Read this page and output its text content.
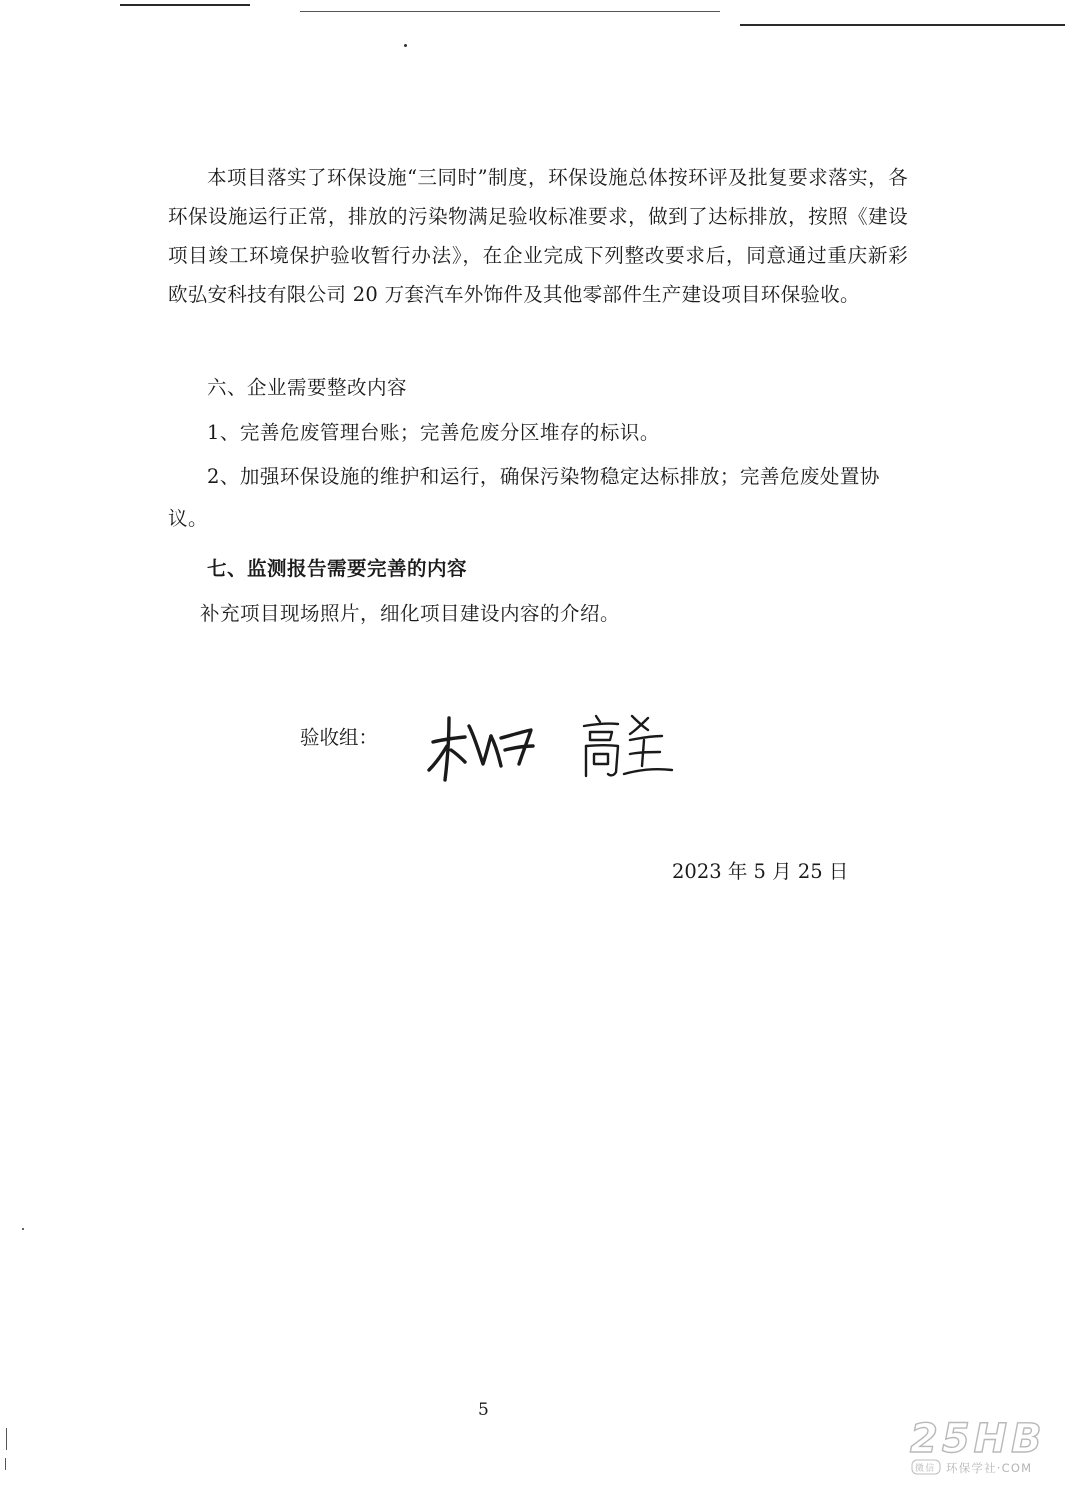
本项目落实了环保设施“三同时”制度，环保设施总体按环评及批复要求落实，各环保设施运行正常，排放的污染物满足验收标准要求，做到了达标排放，按照《建设项目竣工环境保护验收暂行办法》，在企业完成下列整改要求后，同意通过重庆新彩欧弘安科技有限公司 20 万套汽车外饰件及其他零部件生产建设项目环保验收。

六、企业需要整改内容

1、完善危废管理台账；完善危废分区堆存的标识。

2、加强环保设施的维护和运行，确保污染物稳定达标排放；完善危废处置协议。

七、监测报告需要完善的内容

补充项目现场照片，细化项目建设内容的介绍。

验收组：
2023 年 5 月 25 日
5
25HB
微信 环保学社·COM
